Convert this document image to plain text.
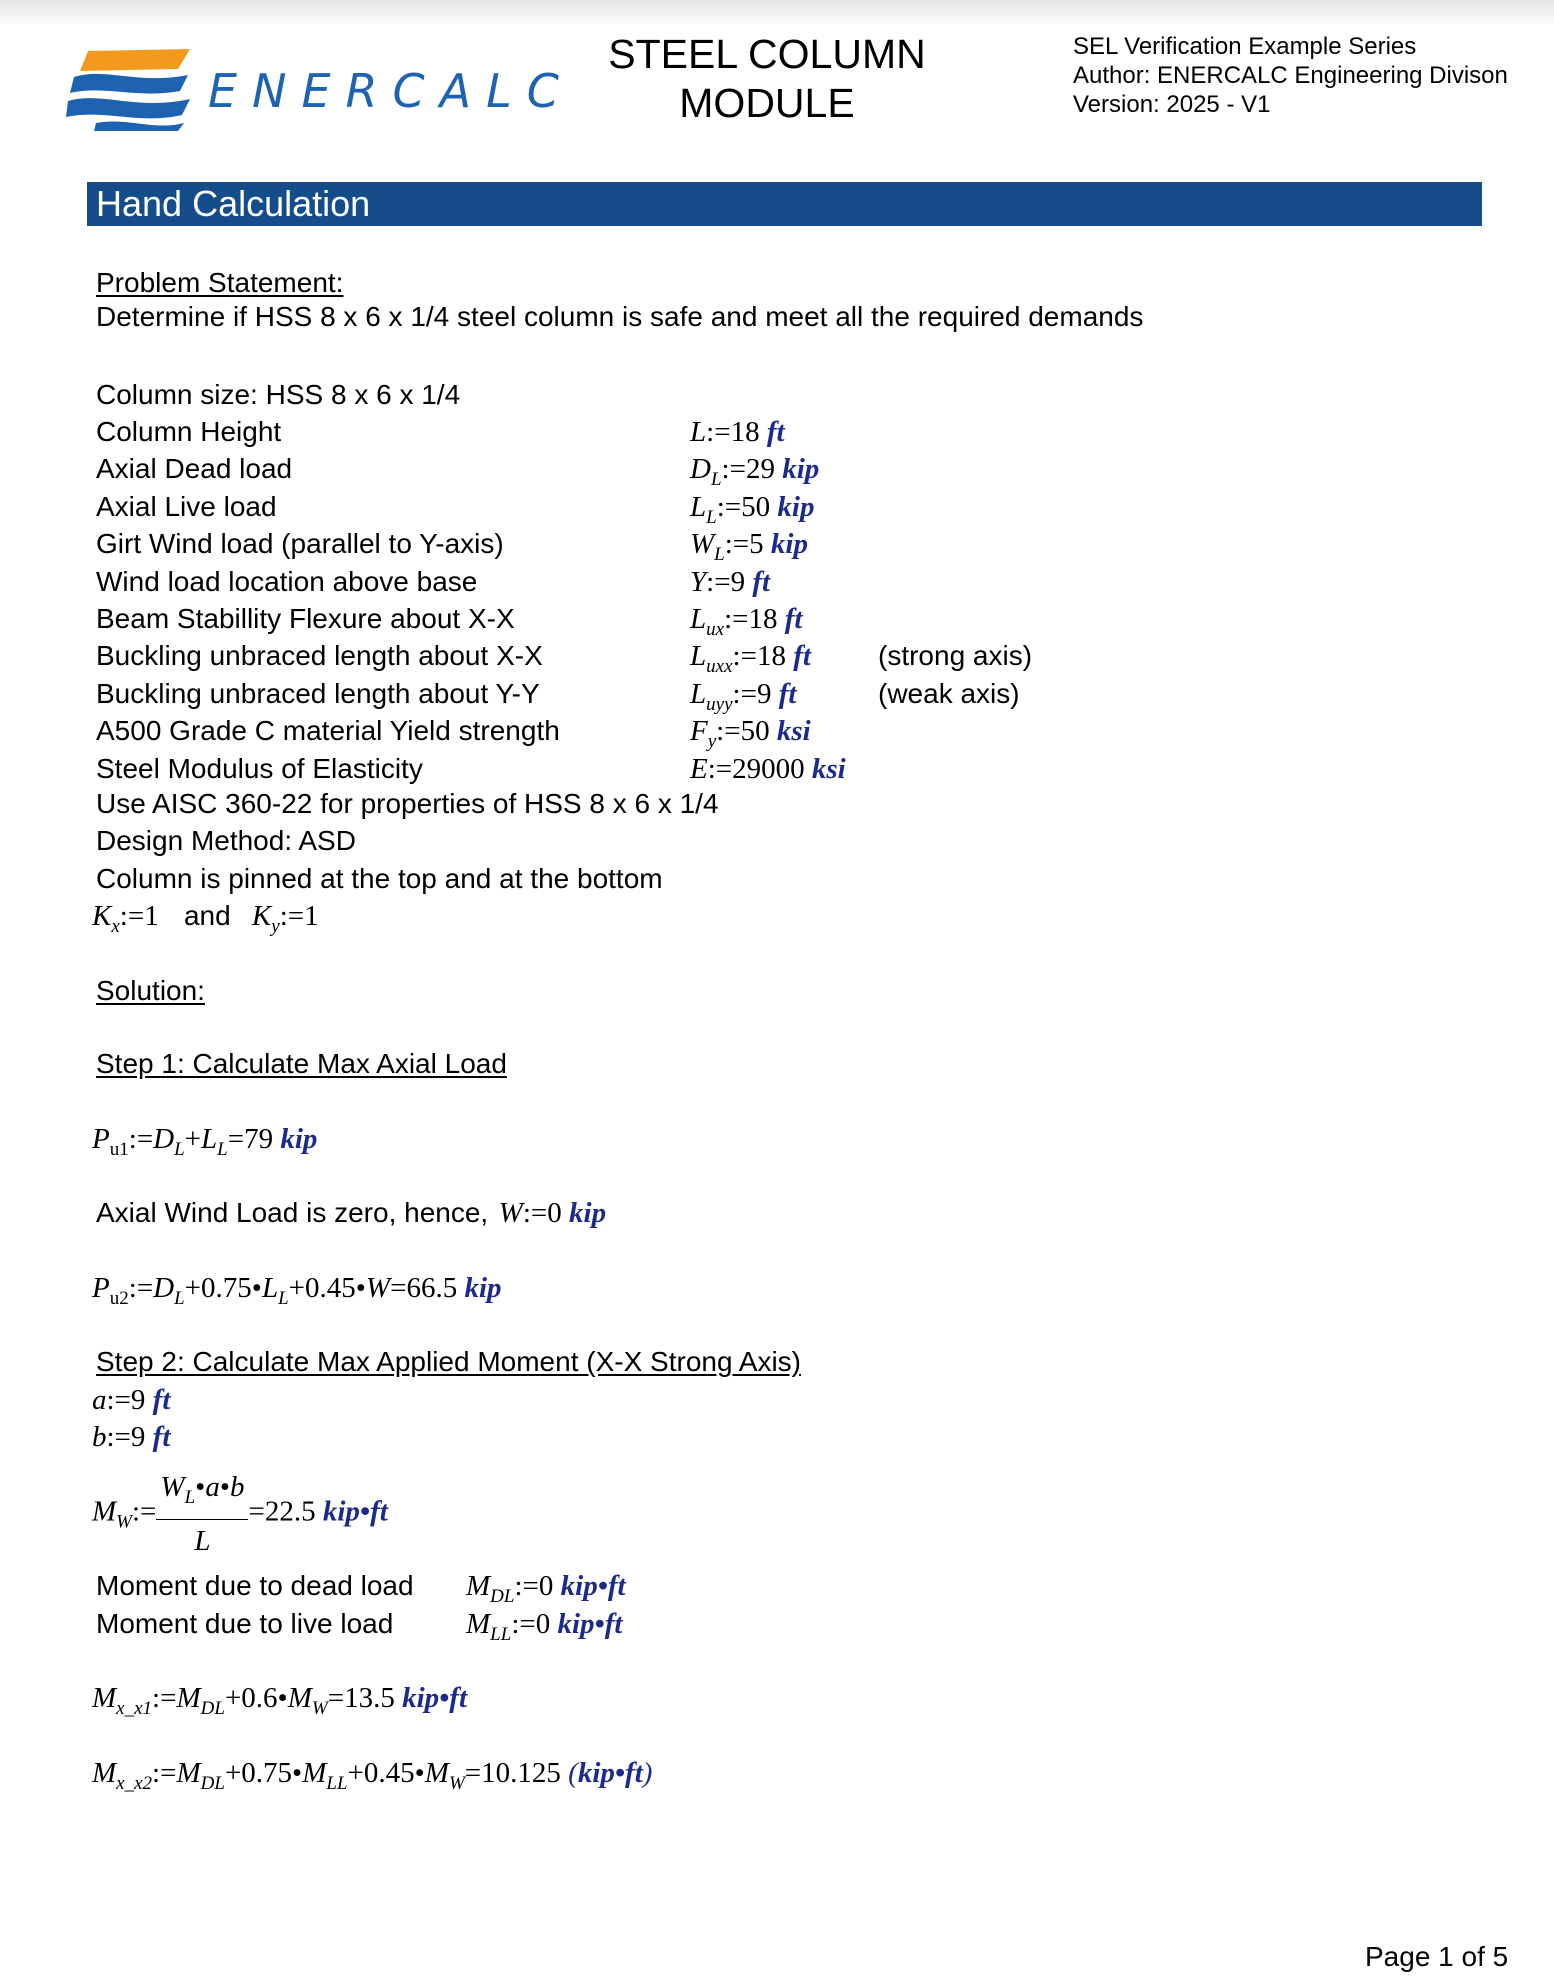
ENERCALC
STEEL COLUMN
MODULE
SEL Verification Example Series
Author: ENERCALC Engineering Divison
Version: 2025 - V1
Hand Calculation
Problem Statement:
Determine if HSS 8 x 6 x 1/4 steel column is safe and meet all the required demands
Column size: HSS 8 x 6 x 1/4
Column Height	L:=18 ft
Axial Dead load	$D_L:=29$ kip
Axial Live load	$L_L:=50$ kip
Girt Wind load (parallel to Y-axis)	$W_L:=5$ kip
Wind load location above base	Y:=9 ft
Beam Stabillity Flexure about X-X	$L_{ux}:=18$ ft
Buckling unbraced length about X-X	$L_{uxx}:=18$ ft (strong axis)
Buckling unbraced length about Y-Y	$L_{uyy}:=9$ ft	(weak axis)
A500 Grade C material Yield strength	$F_y:=50$ ksi
Steel Modulus of Elasticity	E:=29000 ksi
Use AISC 360-22 for properties of HSS 8 x 6 x 1/4
Design Method: ASD
Column is pinned at the top and at the bottom
$K_x:=1$ and $K_y:=1$
Solution:
Step 1: Calculate Max Axial Load
$P_{u1}:=D_L+L_L=79$ kip
Axial Wind Load is zero, hence, W:=0 kip
$P_{u2}:=D_L+0.75•L_L+0.45•W=66.5$ kip
Step 2: Calculate Max Applied Moment (X-X Strong Axis)
a:=9 ft
b:=9 ft
$M_W:= \frac{W_L•a•b}{L} =22.5$ kip•ft
Moment due to dead load $M_{DL}:=0$ kip•ft
Moment due to live load	$M_{LL}:=0$ kip•ft
$M_{x\_x1}:=M_{DL}+0.6•M_W=13.5$ kip•ft
$M_{x\_x2}:=M_{DL}+0.75•M_{LL}+0.45•M_W=10.125$ (kip•ft)
Page 1 of 5
